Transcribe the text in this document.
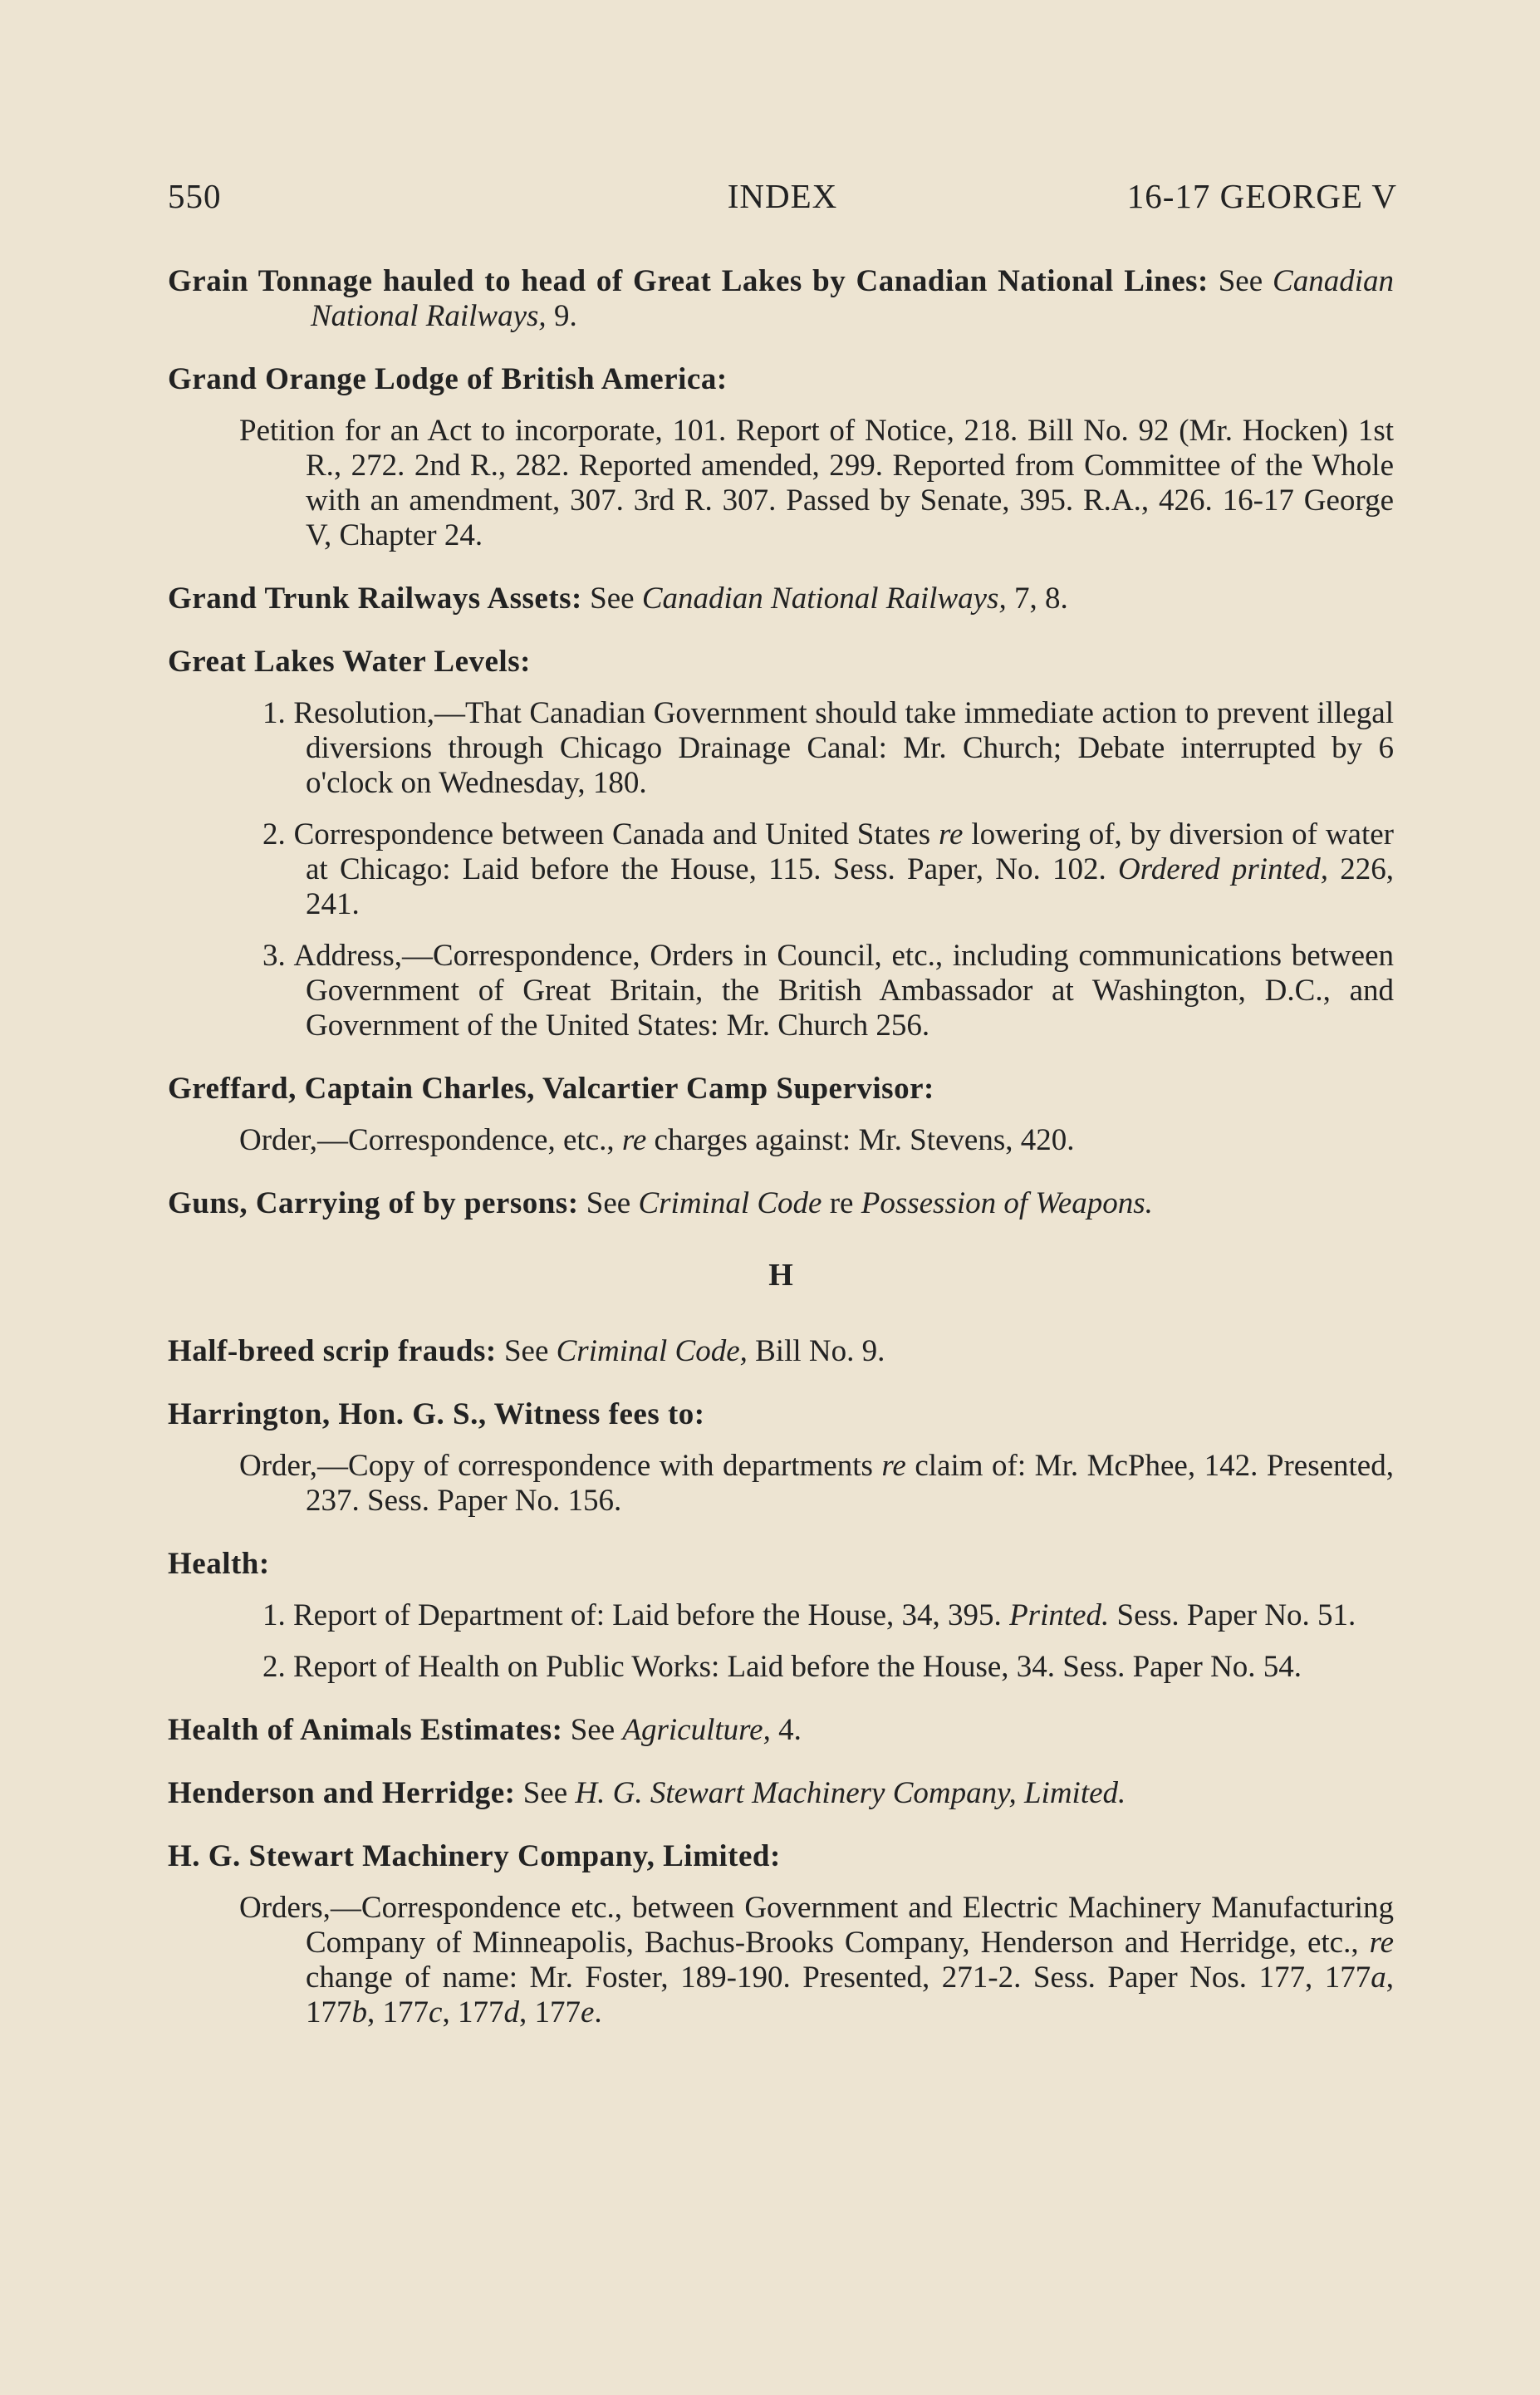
550	INDEX	16-17 GEORGE V
Grain Tonnage hauled to head of Great Lakes by Canadian National Lines: See Canadian National Railways, 9.
Grand Orange Lodge of British America:
Petition for an Act to incorporate, 101. Report of Notice, 218. Bill No. 92 (Mr. Hocken) 1st R., 272. 2nd R., 282. Reported amended, 299. Reported from Committee of the Whole with an amendment, 307. 3rd R. 307. Passed by Senate, 395. R.A., 426. 16-17 George V, Chapter 24.
Grand Trunk Railways Assets: See Canadian National Railways, 7, 8.
Great Lakes Water Levels:
1. Resolution,—That Canadian Government should take immediate action to prevent illegal diversions through Chicago Drainage Canal: Mr. Church; Debate interrupted by 6 o'clock on Wednesday, 180.
2. Correspondence between Canada and United States re lowering of, by diversion of water at Chicago: Laid before the House, 115. Sess. Paper, No. 102. Ordered printed, 226, 241.
3. Address,—Correspondence, Orders in Council, etc., including communications between Government of Great Britain, the British Ambassador at Washington, D.C., and Government of the United States: Mr. Church 256.
Greffard, Captain Charles, Valcartier Camp Supervisor:
Order,—Correspondence, etc., re charges against: Mr. Stevens, 420.
Guns, Carrying of by persons: See Criminal Code re Possession of Weapons.
H
Half-breed scrip frauds: See Criminal Code, Bill No. 9.
Harrington, Hon. G. S., Witness fees to:
Order,—Copy of correspondence with departments re claim of: Mr. McPhee, 142. Presented, 237. Sess. Paper No. 156.
Health:
1. Report of Department of: Laid before the House, 34, 395. Printed. Sess. Paper No. 51.
2. Report of Health on Public Works: Laid before the House, 34. Sess. Paper No. 54.
Health of Animals Estimates: See Agriculture, 4.
Henderson and Herridge: See H. G. Stewart Machinery Company, Limited.
H. G. Stewart Machinery Company, Limited:
Orders,—Correspondence etc., between Government and Electric Machinery Manufacturing Company of Minneapolis, Bachus-Brooks Company, Henderson and Herridge, etc., re change of name: Mr. Foster, 189-190. Presented, 271-2. Sess. Paper Nos. 177, 177a, 177b, 177c, 177d, 177e.
